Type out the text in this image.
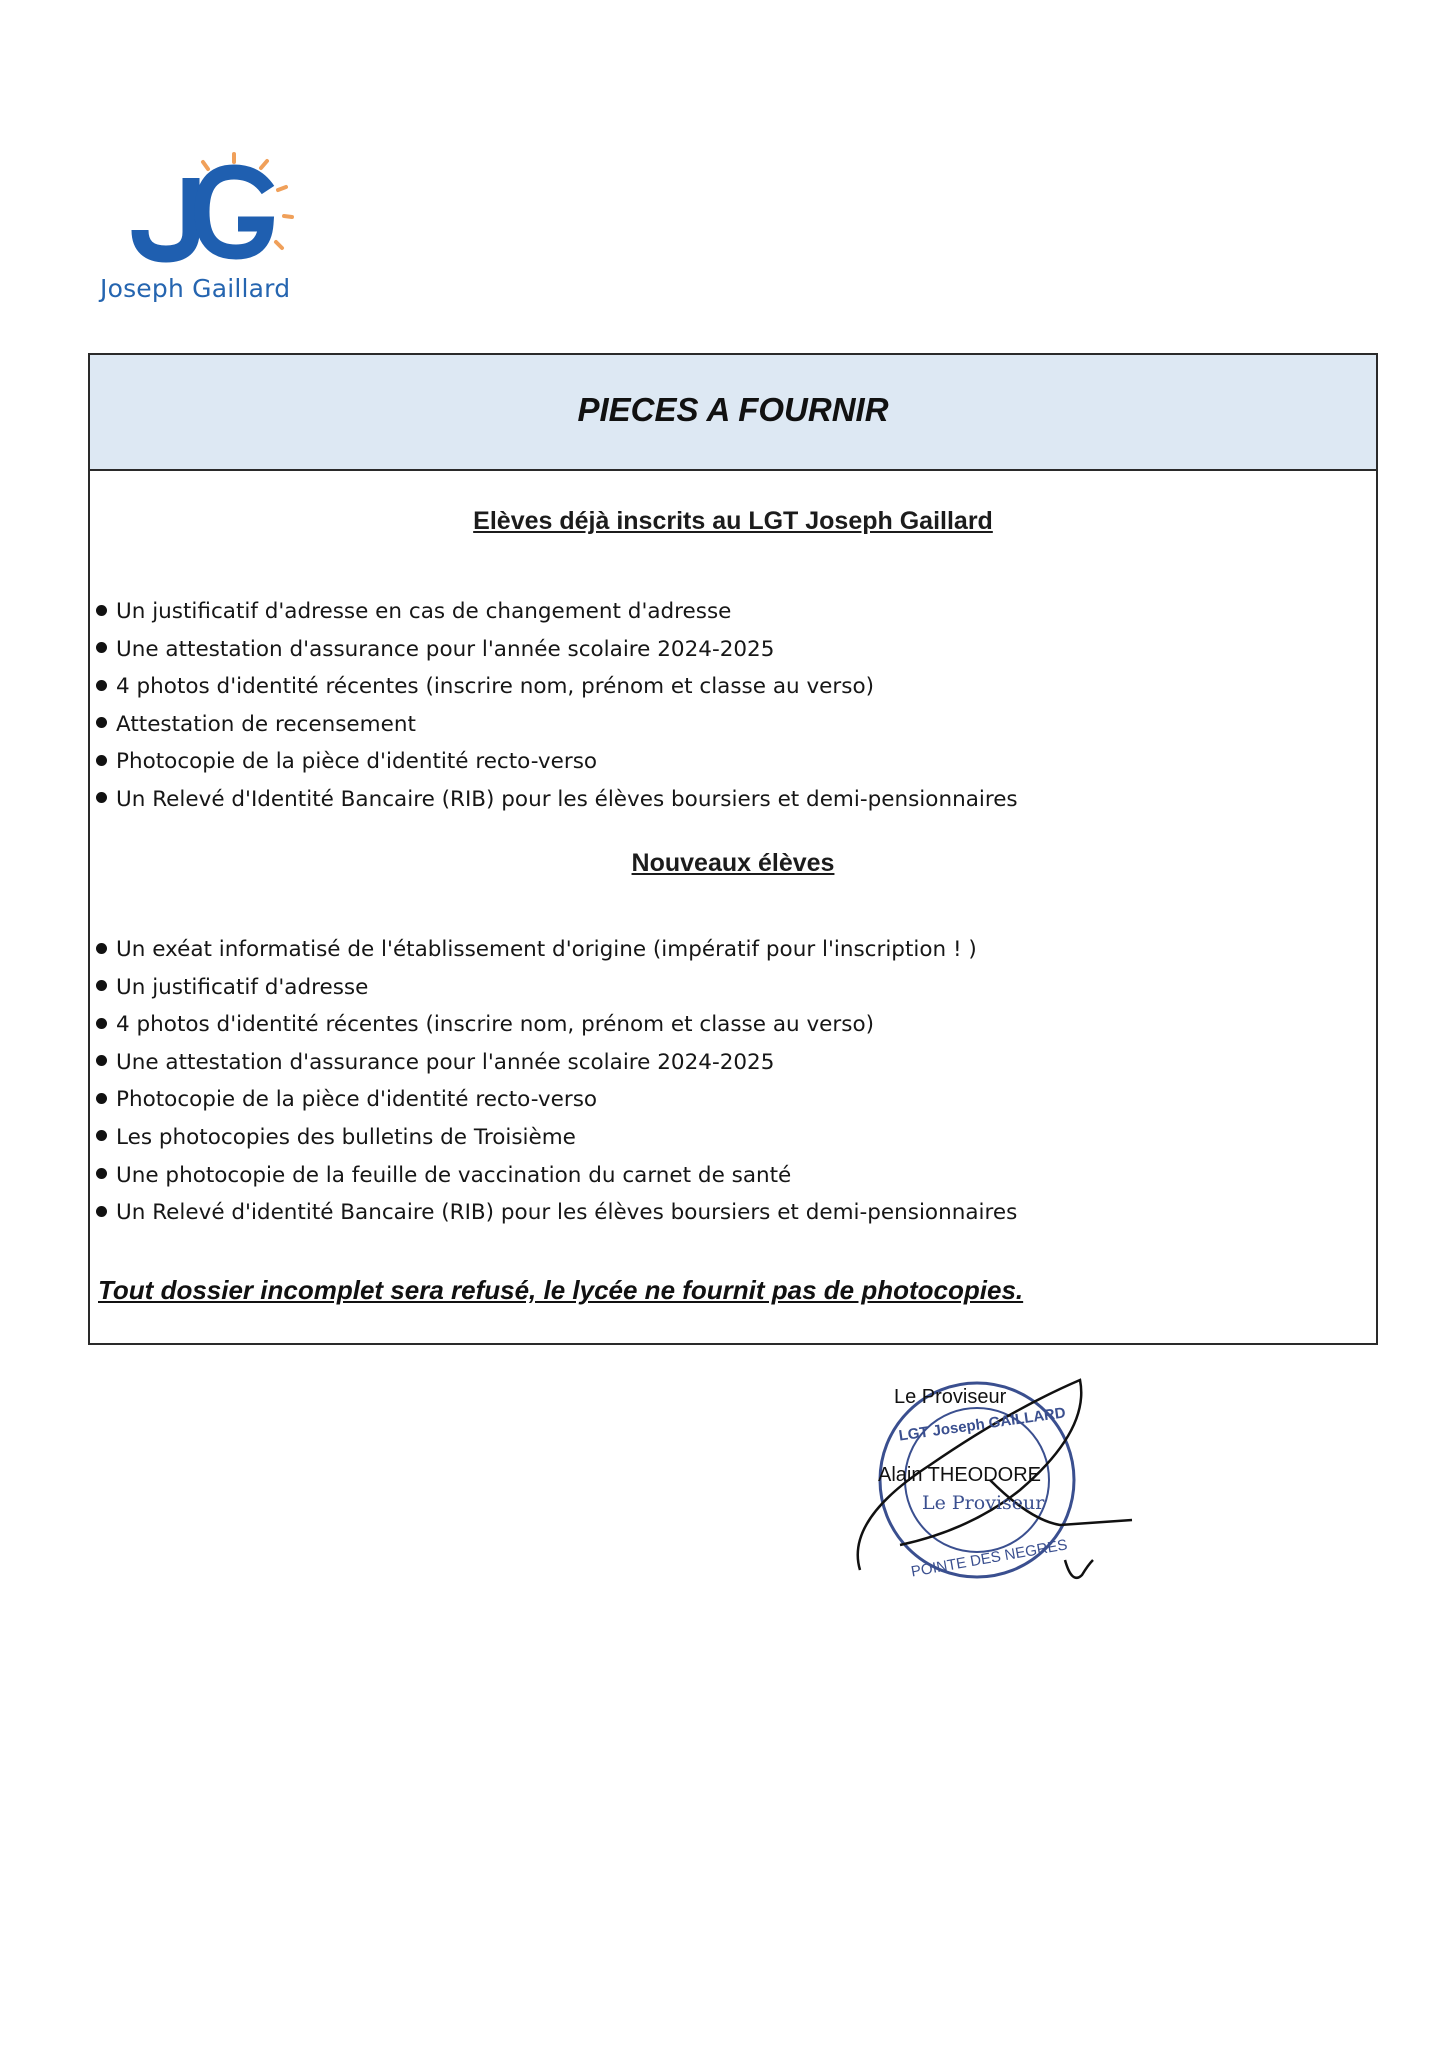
Joseph Gaillard
PIECES A FOURNIR
Elèves déjà inscrits au LGT Joseph Gaillard
Un justificatif d'adresse en cas de changement d'adresse
Une attestation d'assurance pour l'année scolaire 2024-2025
4 photos d'identité récentes (inscrire nom, prénom et classe au verso)
Attestation de recensement
Photocopie de la pièce d'identité recto-verso
Un Relevé d'Identité Bancaire (RIB) pour les élèves boursiers et demi-pensionnaires
Nouveaux élèves
Un exéat informatisé de l'établissement d'origine (impératif pour l'inscription ! )
Un justificatif d'adresse
4 photos d'identité récentes (inscrire nom, prénom et classe au verso)
Une attestation d'assurance pour l'année scolaire 2024-2025
Photocopie de la pièce d'identité recto-verso
Les photocopies des bulletins de Troisième
Une photocopie de la feuille de vaccination du carnet de santé
Un Relevé d'identité Bancaire (RIB) pour les élèves boursiers et demi-pensionnaires
Tout dossier incomplet sera refusé, le lycée ne fournit pas de photocopies.
Le Proviseur
LGT Joseph GAILLARD
Alain THEODORE
Le Proviseur
POINTE DES NEGRES
